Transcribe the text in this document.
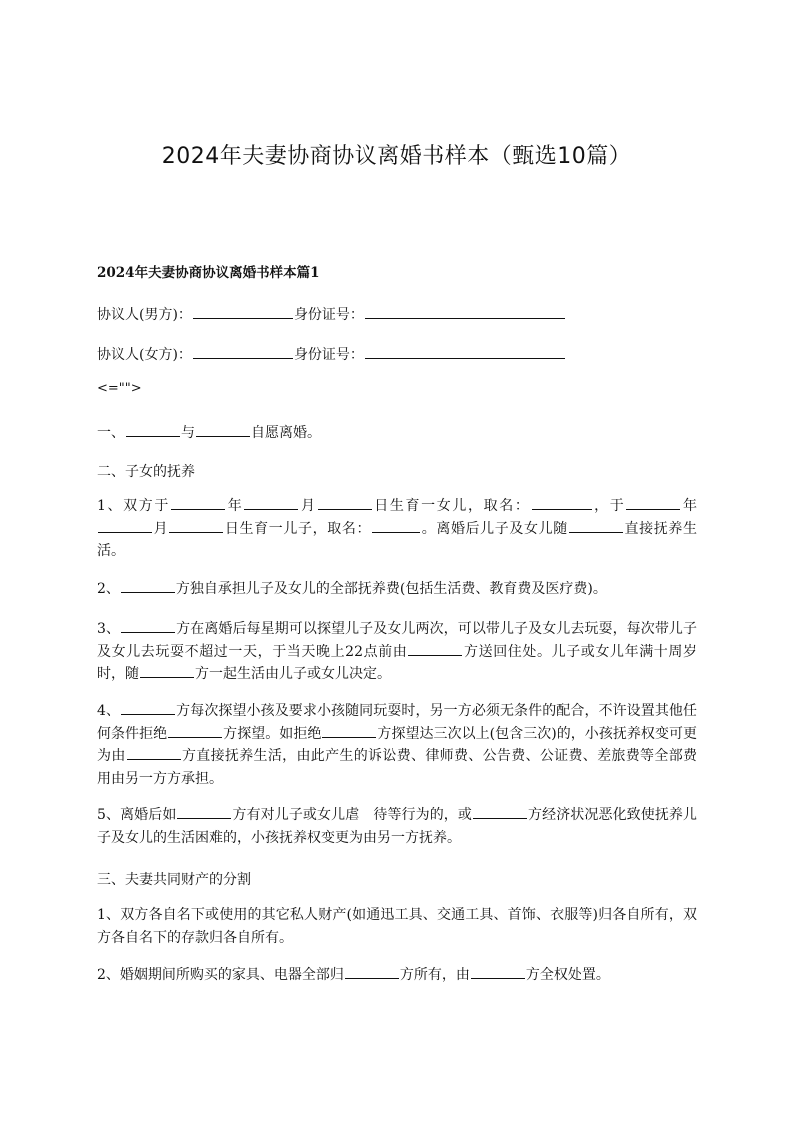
2024年夫妻协商协议离婚书样本（甄选10篇）
2024年夫妻协商协议离婚书样本篇1
协议人(男方)：	身份证号：
协议人(女方)：	身份证号：
<="">
一、	与	自愿离婚。
二、子女的抚养
1、双方于	年	月	日生育一女儿，取名：	，于	年月	日生育一儿子，取名：	。离婚后儿子及女儿随	直接抚养生活。
2、	方独自承担儿子及女儿的全部抚养费(包括生活费、教育费及医疗费)。
3、	方在离婚后每星期可以探望儿子及女儿两次，可以带儿子及女儿去玩耍，每次带儿子及女儿去玩耍不超过一天，于当天晚上22点前由	方送回住处。儿子或女儿年满十周岁时，随	方一起生活由儿子或女儿决定。
4、	方每次探望小孩及要求小孩随同玩耍时，另一方必须无条件的配合，不许设置其他任何条件拒绝	方探望。如拒绝	方探望达三次以上(包含三次)的，小孩抚养权变可更为由	方直接抚养生活，由此产生的诉讼费、律师费、公告费、公证费、差旅费等全部费用由另一方方承担。
5、离婚后如	方有对儿子或女儿虐　待等行为的，或	方经济状况恶化致使抚养儿子及女儿的生活困难的，小孩抚养权变更为由另一方抚养。
三、夫妻共同财产的分割
1、双方各自名下或使用的其它私人财产(如通迅工具、交通工具、首饰、衣服等)归各自所有，双方各自名下的存款归各自所有。
2、婚姻期间所购买的家具、电器全部归	方所有，由	方全权处置。
